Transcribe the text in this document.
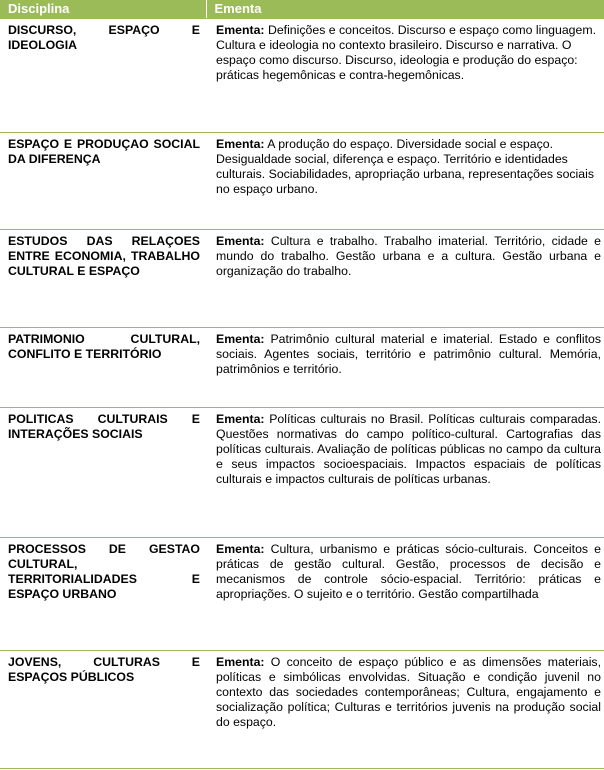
Disciplina	Ementa
DISCURSO, ESPAÇO E IDEOLOGIA	Ementa: Definições e conceitos. Discurso e espaço como linguagem. Cultura e ideologia no contexto brasileiro. Discurso e narrativa. O espaço como discurso. Discurso, ideologia e produção do espaço: práticas hegemônicas e contra-hegemônicas.
ESPAÇO E PRODUÇAO SOCIAL DA DIFERENÇA	Ementa: A produção do espaço. Diversidade social e espaço. Desigualdade social, diferença e espaço. Território e identidades culturais. Sociabilidades, apropriação urbana, representações sociais no espaço urbano.
ESTUDOS DAS RELAÇOES ENTRE ECONOMIA, TRABALHO CULTURAL E ESPAÇO	Ementa: Cultura e trabalho. Trabalho imaterial. Território, cidade e mundo do trabalho. Gestão urbana e a cultura. Gestão urbana e organização do trabalho.
PATRIMONIO CULTURAL, CONFLITO E TERRITÓRIO	Ementa: Patrimônio cultural material e imaterial. Estado e conflitos sociais. Agentes sociais, território e patrimônio cultural. Memória, patrimônios e território.
POLITICAS CULTURAIS E INTERAÇÕES SOCIAIS	Ementa: Políticas culturais no Brasil. Políticas culturais comparadas. Questões normativas do campo político-cultural. Cartografias das políticas culturais. Avaliação de políticas públicas no campo da cultura e seus impactos socioespaciais. Impactos espaciais de políticas culturais e impactos culturais de políticas urbanas.
PROCESSOS DE GESTAO CULTURAL, TERRITORIALIDADES E ESPAÇO URBANO	Ementa: Cultura, urbanismo e práticas sócio-culturais. Conceitos e práticas de gestão cultural. Gestão, processos de decisão e mecanismos de controle sócio-espacial. Território: práticas e apropriações. O sujeito e o território. Gestão compartilhada
JOVENS, CULTURAS E ESPAÇOS PÚBLICOS	Ementa: O conceito de espaço público e as dimensões materiais, políticas e simbólicas envolvidas. Situação e condição juvenil no contexto das sociedades contemporâneas; Cultura, engajamento e socialização política; Culturas e territórios juvenis na produção social do espaço.
